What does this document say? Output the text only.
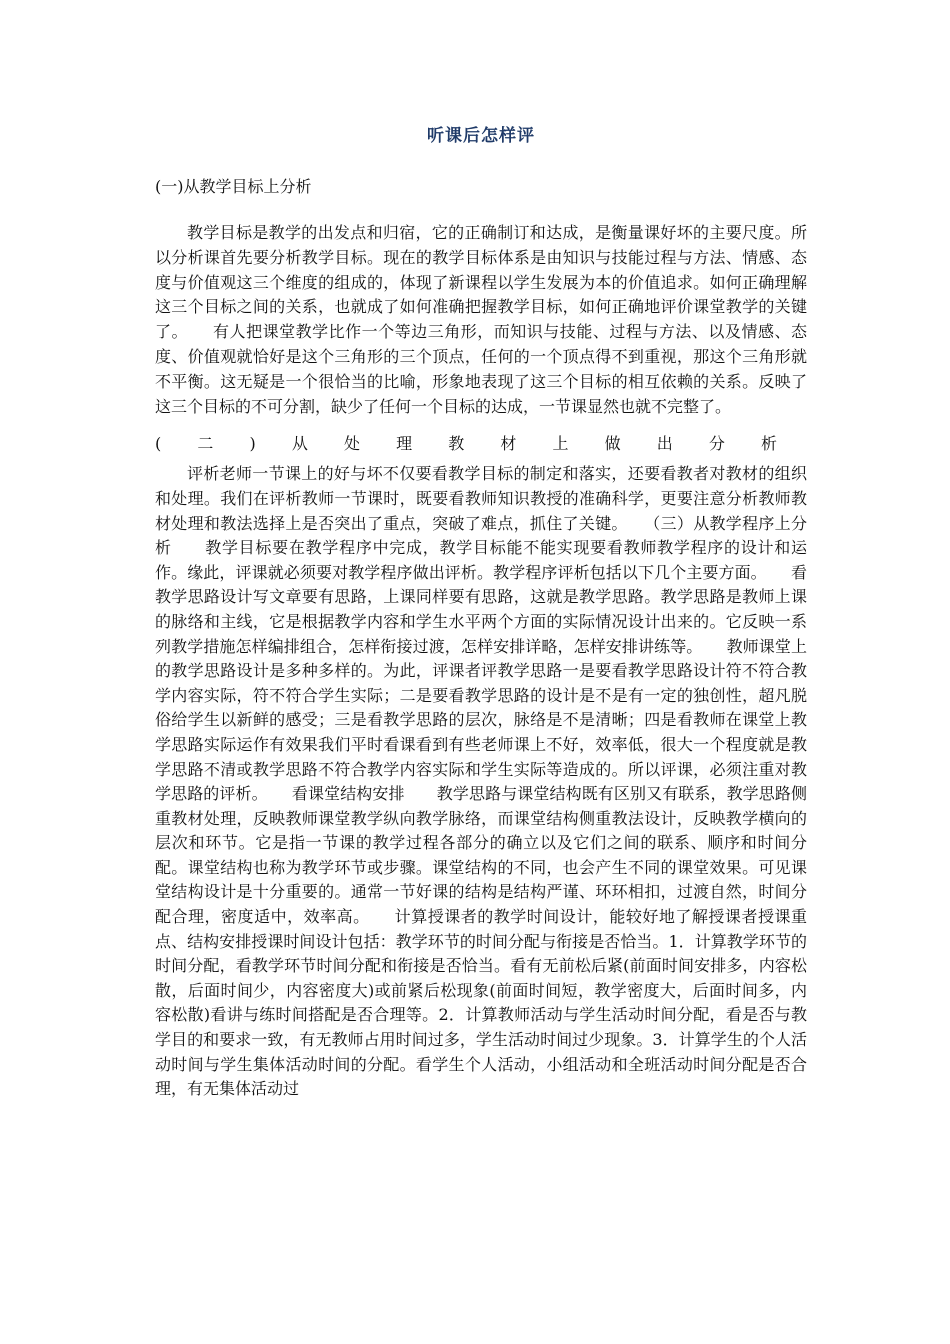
听课后怎样评
(一)从教学目标上分析
教学目标是教学的出发点和归宿，它的正确制订和达成，是衡量课好坏的主要尺度。所以分析课首先要分析教学目标。现在的教学目标体系是由知识与技能过程与方法、情感、态度与价值观这三个维度的组成的，体现了新课程以学生发展为本的价值追求。如何正确理解这三个目标之间的关系，也就成了如何准确把握教学目标，如何正确地评价课堂教学的关键了。　　有人把课堂教学比作一个等边三角形，而知识与技能、过程与方法、以及情感、态度、价值观就恰好是这个三角形的三个顶点，任何的一个顶点得不到重视，那这个三角形就不平衡。这无疑是一个很恰当的比喻，形象地表现了这三个目标的相互依赖的关系。反映了这三个目标的不可分割，缺少了任何一个目标的达成，一节课显然也就不完整了。
( 二 ) 从 处 理 教 材 上 做 出 分 析
评析老师一节课上的好与坏不仅要看教学目标的制定和落实，还要看教者对教材的组织和处理。我们在评析教师一节课时，既要看教师知识教授的准确科学，更要注意分析教师教材处理和教法选择上是否突出了重点，突破了难点，抓住了关键。　　（三）从教学程序上分析　　教学目标要在教学程序中完成，教学目标能不能实现要看教师教学程序的设计和运作。缘此，评课就必须要对教学程序做出评析。教学程序评析包括以下几个主要方面。　　看教学思路设计写文章要有思路，上课同样要有思路，这就是教学思路。教学思路是教师上课的脉络和主线，它是根据教学内容和学生水平两个方面的实际情况设计出来的。它反映一系列教学措施怎样编排组合，怎样衔接过渡，怎样安排详略，怎样安排讲练等。　　教师课堂上的教学思路设计是多种多样的。为此，评课者评教学思路一是要看教学思路设计符不符合教学内容实际，符不符合学生实际；二是要看教学思路的设计是不是有一定的独创性，超凡脱俗给学生以新鲜的感受；三是看教学思路的层次，脉络是不是清晰；四是看教师在课堂上教学思路实际运作有效果我们平时看课看到有些老师课上不好，效率低，很大一个程度就是教学思路不清或教学思路不符合教学内容实际和学生实际等造成的。所以评课，必须注重对教学思路的评析。　　看课堂结构安排　　教学思路与课堂结构既有区别又有联系，教学思路侧重教材处理，反映教师课堂教学纵向教学脉络，而课堂结构侧重教法设计，反映教学横向的层次和环节。它是指一节课的教学过程各部分的确立以及它们之间的联系、顺序和时间分配。课堂结构也称为教学环节或步骤。课堂结构的不同，也会产生不同的课堂效果。可见课堂结构设计是十分重要的。通常一节好课的结构是结构严谨、环环相扣，过渡自然，时间分配合理，密度适中，效率高。　　计算授课者的教学时间设计，能较好地了解授课者授课重点、结构安排授课时间设计包括：教学环节的时间分配与衔接是否恰当。1．计算教学环节的时间分配，看教学环节时间分配和衔接是否恰当。看有无前松后紧(前面时间安排多，内容松散，后面时间少，内容密度大)或前紧后松现象(前面时间短，教学密度大，后面时间多，内容松散)看讲与练时间搭配是否合理等。2．计算教师活动与学生活动时间分配，看是否与教学目的和要求一致，有无教师占用时间过多，学生活动时间过少现象。3．计算学生的个人活动时间与学生集体活动时间的分配。看学生个人活动，小组活动和全班活动时间分配是否合理，有无集体活动过
